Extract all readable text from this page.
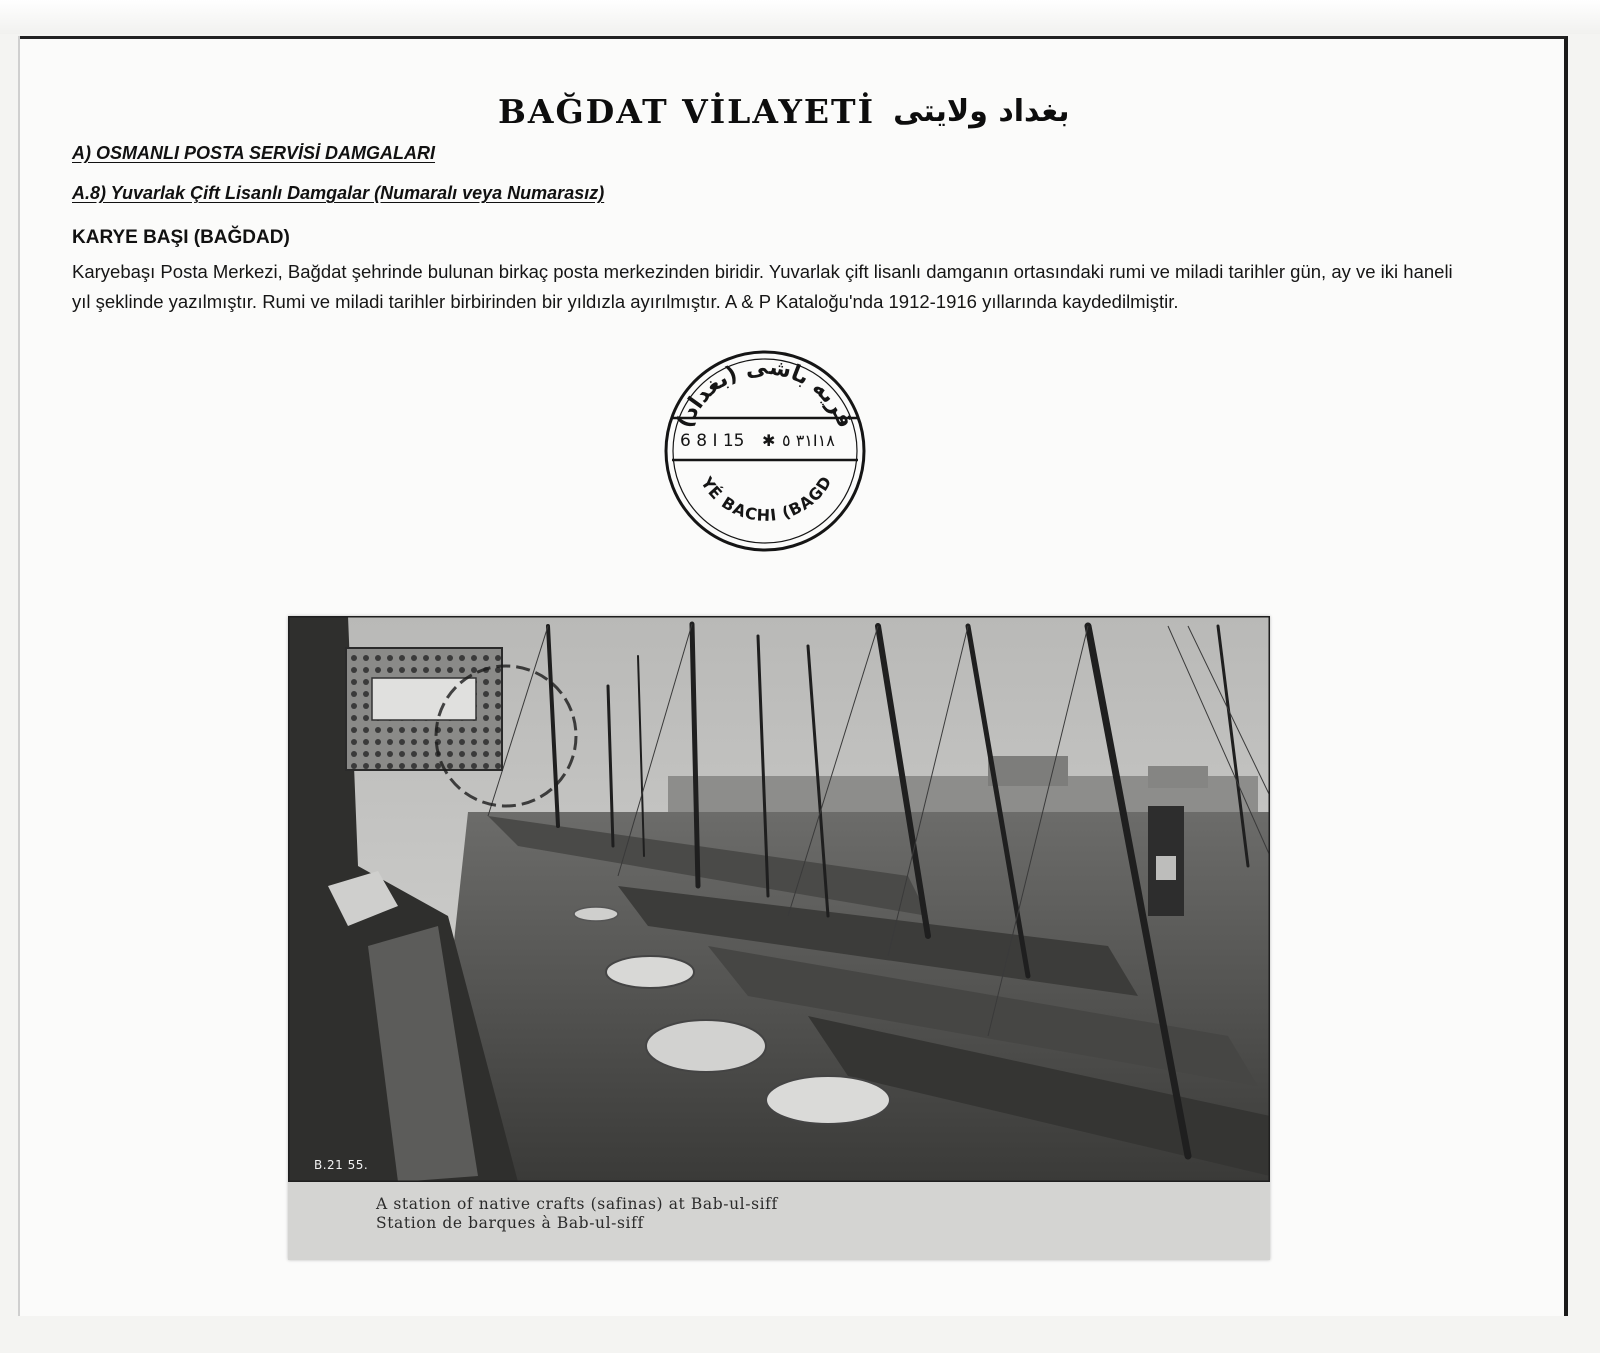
BAĞDAT VİLAYETİ بغداد ولايتى
A) OSMANLI POSTA SERVİSİ DAMGALARI
A.8) Yuvarlak Çift Lisanlı Damgalar (Numaralı veya Numarasız)
KARYE BAŞI (BAĞDAD)

Karyebaşı Posta Merkezi, Bağdat şehrinde bulunan birkaç posta merkezinden biridir. Yuvarlak çift lisanlı damganın ortasındaki rumi ve miladi tarihler gün, ay ve iki haneli yıl şeklinde yazılmıştır. Rumi ve miladi tarihler birbirinden bir yıldızla ayırılmıştır. A & P Kataloğu'nda 1912-1916 yıllarında kaydedilmiştir.

قريه باشى (بغداد)
6 8 I 15 ✱ ٣١ ٥I١٨
YÉ BACHI (BAGD
B.21 55.
A station of native crafts (safinas) at Bab-ul-siff
Station de barques à Bab-ul-siff
